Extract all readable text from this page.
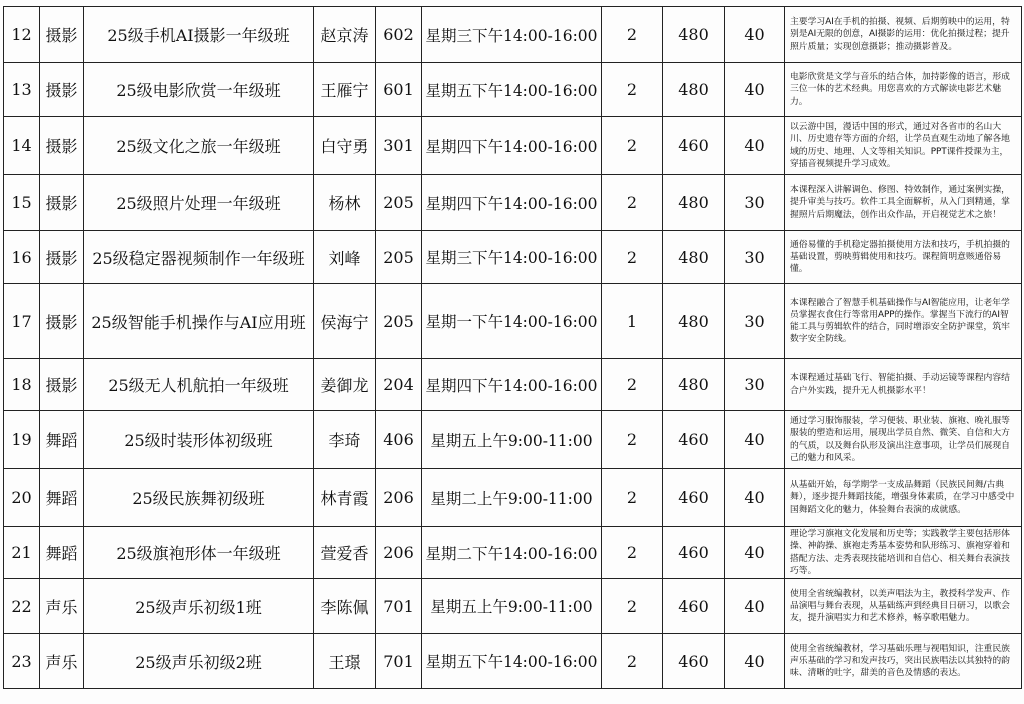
12	摄影	25级手机AI摄影一年级班	赵京涛	602	星期三下午14:00-16:00	2	480	40	主要学习AI在手机的拍摄、视频、后期剪映中的运用，特别是AI无限的创意，AI摄影的运用：优化拍摄过程；提升照片质量；实现创意摄影；推动摄影普及。
13	摄影	25级电影欣赏一年级班	王雁宁	601	星期五下午14:00-16:00	2	480	40	电影欣赏是文学与音乐的结合体，加持影像的语言，形成三位一体的艺术经典。用您喜欢的方式解读电影艺术魅力。
14	摄影	25级文化之旅一年级班	白守勇	301	星期四下午14:00-16:00	2	460	40	以云游中国，漫话中国的形式，通过对各省市的名山大川、历史遗存等方面的介绍，让学员直观生动地了解各地域的历史、地理、人文等相关知识。PPT课件授课为主，穿插音视频提升学习成效。
15	摄影	25级照片处理一年级班	杨林	205	星期四下午14:00-16:00	2	480	30	本课程深入讲解调色、修图、特效制作，通过案例实操，提升审美与技巧。软件工具全面解析，从入门到精通，掌握照片后期魔法，创作出众作品，开启视觉艺术之旅！
16	摄影	25级稳定器视频制作一年级班	刘峰	205	星期三下午14:00-16:00	2	480	30	通俗易懂的手机稳定器拍摄使用方法和技巧，手机拍摄的基础设置，剪映剪辑使用和技巧。课程简明意赅通俗易懂。
17	摄影	25级智能手机操作与AI应用班	侯海宁	205	星期一下午14:00-16:00	1	480	30	本课程融合了智慧手机基础操作与AI智能应用，让老年学员掌握衣食住行等常用APP的操作。掌握当下流行的AI智能工具与剪辑软件的结合，同时增添安全防护课堂，筑牢数字安全防线。
18	摄影	25级无人机航拍一年级班	姜御龙	204	星期四下午14:00-16:00	2	480	30	本课程通过基础飞行、智能拍摄、手动运镜等课程内容结合户外实践，提升无人机摄影水平！
19	舞蹈	25级时装形体初级班	李琦	406	星期五上午9:00-11:00	2	460	40	通过学习服饰服装，学习便装、职业装、旗袍、晚礼服等服装的塑造和运用，展现出学员自然、微笑、自信和大方的气质，以及舞台队形及演出注意事项，让学员们展现自己的魅力和风采。
20	舞蹈	25级民族舞初级班	林青霞	206	星期二上午9:00-11:00	2	460	40	从基础开始，每学期学一支成品舞蹈（民族民间舞/古典舞），逐步提升舞蹈技能，增强身体素质，在学习中感受中国舞蹈文化的魅力，体验舞台表演的成就感。
21	舞蹈	25级旗袍形体一年级班	萱爱香	206	星期二下午14:00-16:00	2	460	40	理论学习旗袍文化发展和历史等；实践教学主要包括形体操、神韵操、旗袍走秀基本姿势和队形练习、旗袍穿着和搭配方法、走秀表现技能培训和自信心、相关舞台表演技巧等。
22	声乐	25级声乐初级1班	李陈佩	701	星期五上午9:00-11:00	2	460	40	使用全省统编教材，以美声唱法为主，教授科学发声、作品演唱与舞台表现，从基础练声到经典目日研习，以歌会友，提升演唱实力和艺术修养，畅享歌唱魅力。
23	声乐	25级声乐初级2班	王璟	701	星期五下午14:00-16:00	2	460	40	使用全省统编教材，学习基础乐理与视唱知识，注重民族声乐基础的学习和发声技巧，突出民族唱法以其独特的韵味、清晰的吐字，甜美的音色及情感的表达。
